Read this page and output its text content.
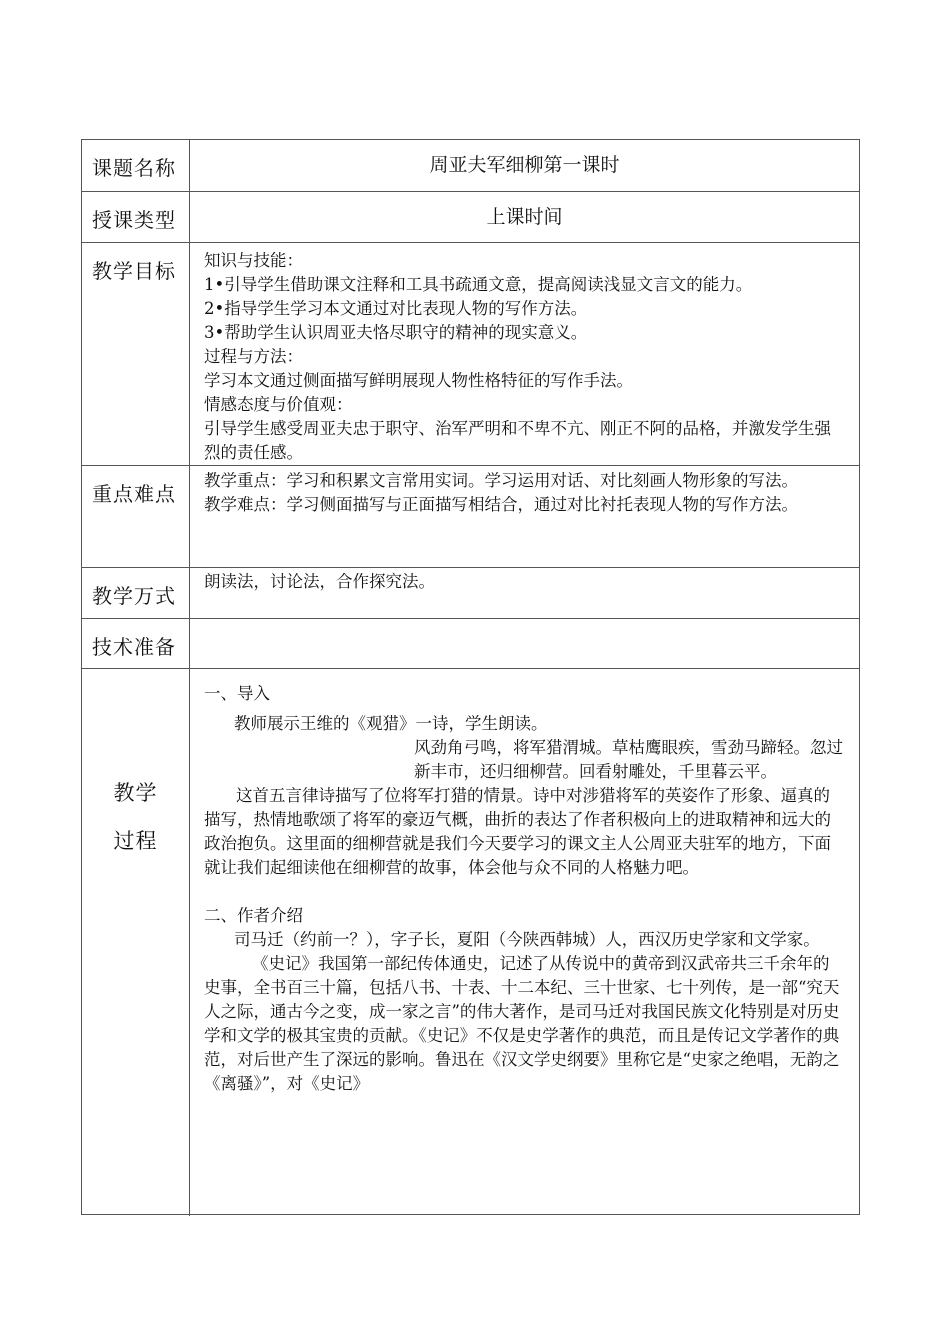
课题名称	周亚夫军细柳第一课时
授课类型	上课时间
教学目标 知识与技能：

1•引导学生借助课文注释和工具书疏通文意，提高阅读浅显文言文的能力。

2•指导学生学习本文通过对比表现人物的写作方法。

3•帮助学生认识周亚夫恪尽职守的精神的现实意义。

过程与方法：

学习本文通过侧面描写鲜明展现人物性格特征的写作手法。

情感态度与价值观：

引导学生感受周亚夫忠于职守、治军严明和不卑不亢、刚正不阿的品格，并激发学生强烈的责任感。

重点难点

教学重点：学习和积累文言常用实词。学习运用对话、对比刻画人物形象的写法。

教学难点：学习侧面描写与正面描写相结合，通过对比衬托表现人物的写作方法。

教学万式
朗读法，讨论法，合作探究法。
技术准备
教学
过程

一、导入

教师展示王维的《观猎》一诗，学生朗读。

风劲角弓鸣，将军猎渭城。草枯鹰眼疾，雪劲马蹄轻。忽过新丰市，还归细柳营。回看射雕处，千里暮云平。

这首五言律诗描写了位将军打猎的情景。诗中对涉猎将军的英姿作了形象、逼真的描写，热情地歌颂了将军的豪迈气概，曲折的表达了作者积极向上的进取精神和远大的政治抱负。这里面的细柳营就是我们今天要学习的课文主人公周亚夫驻军的地方，下面就让我们起细读他在细柳营的故事，体会他与众不同的人格魅力吧。

二、作者介绍

司马迁（约前一？），字子长，夏阳（今陕西韩城）人，西汉历史学家和文学家。

《史记》我国第一部纪传体通史，记述了从传说中的黄帝到汉武帝共三千余年的史事，全书百三十篇，包括八书、十表、十二本纪、三十世家、七十列传，是一部“究天人之际，通古今之变，成一家之言”的伟大著作，是司马迁对我国民族文化特别是对历史学和文学的极其宝贵的贡献。《史记》不仅是史学著作的典范，而且是传记文学著作的典范，对后世产生了深远的影响。鲁迅在《汉文学史纲要》里称它是“史家之绝唱，无韵之《离骚》”，对《史记》
